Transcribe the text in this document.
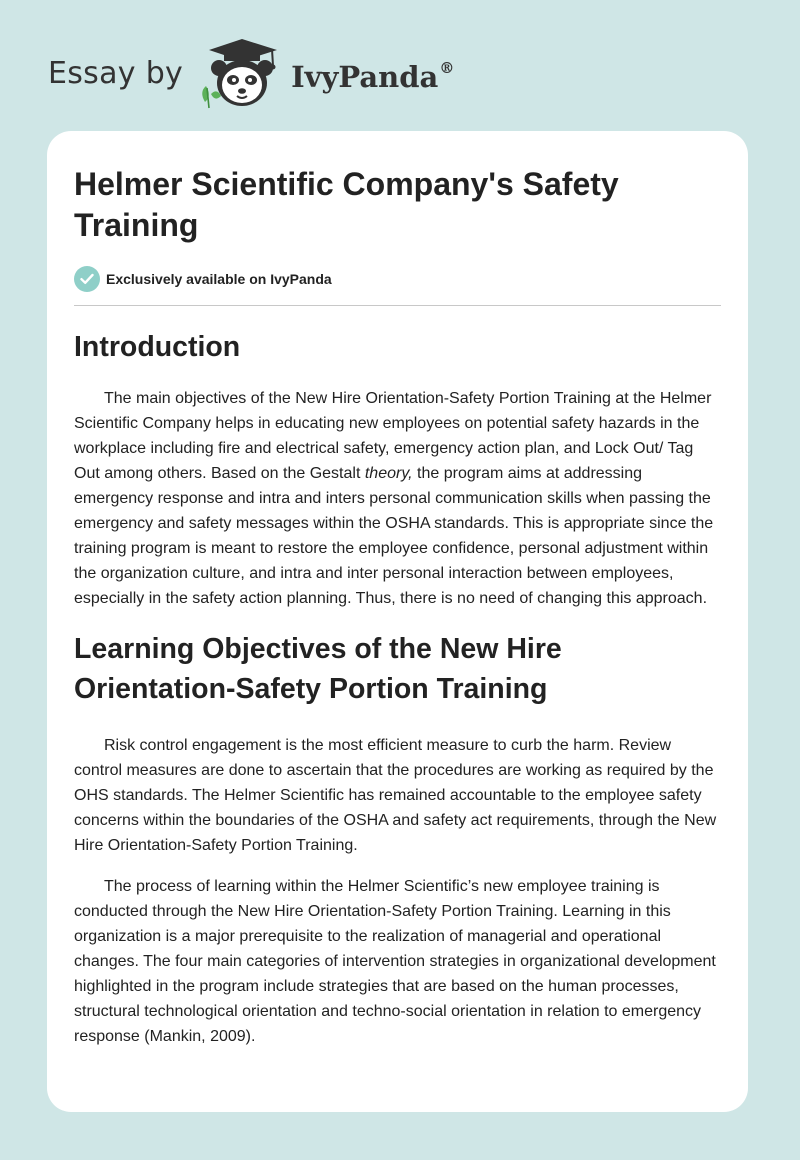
Essay by	IvyPanda®
Helmer Scientific Company's Safety Training
Exclusively available on IvyPanda
Introduction

The main objectives of the New Hire Orientation-Safety Portion Training at the Helmer Scientific Company helps in educating new employees on potential safety hazards in the workplace including fire and electrical safety, emergency action plan, and Lock Out/ Tag Out among others. Based on the Gestalt theory, the program aims at addressing emergency response and intra and inters personal communication skills when passing the emergency and safety messages within the OSHA standards. This is appropriate since the training program is meant to restore the employee confidence, personal adjustment within the organization culture, and intra and inter personal interaction between employees, especially in the safety action planning. Thus, there is no need of changing this approach.

Learning Objectives of the New Hire Orientation-Safety Portion Training

Risk control engagement is the most efficient measure to curb the harm. Review control measures are done to ascertain that the procedures are working as required by the OHS standards. The Helmer Scientific has remained accountable to the employee safety concerns within the boundaries of the OSHA and safety act requirements, through the New Hire Orientation-Safety Portion Training.

The process of learning within the Helmer Scientific’s new employee training is conducted through the New Hire Orientation-Safety Portion Training. Learning in this organization is a major prerequisite to the realization of managerial and operational changes. The four main categories of intervention strategies in organizational development highlighted in the program include strategies that are based on the human processes, structural technological orientation and techno-social orientation in relation to emergency response (Mankin, 2009).
